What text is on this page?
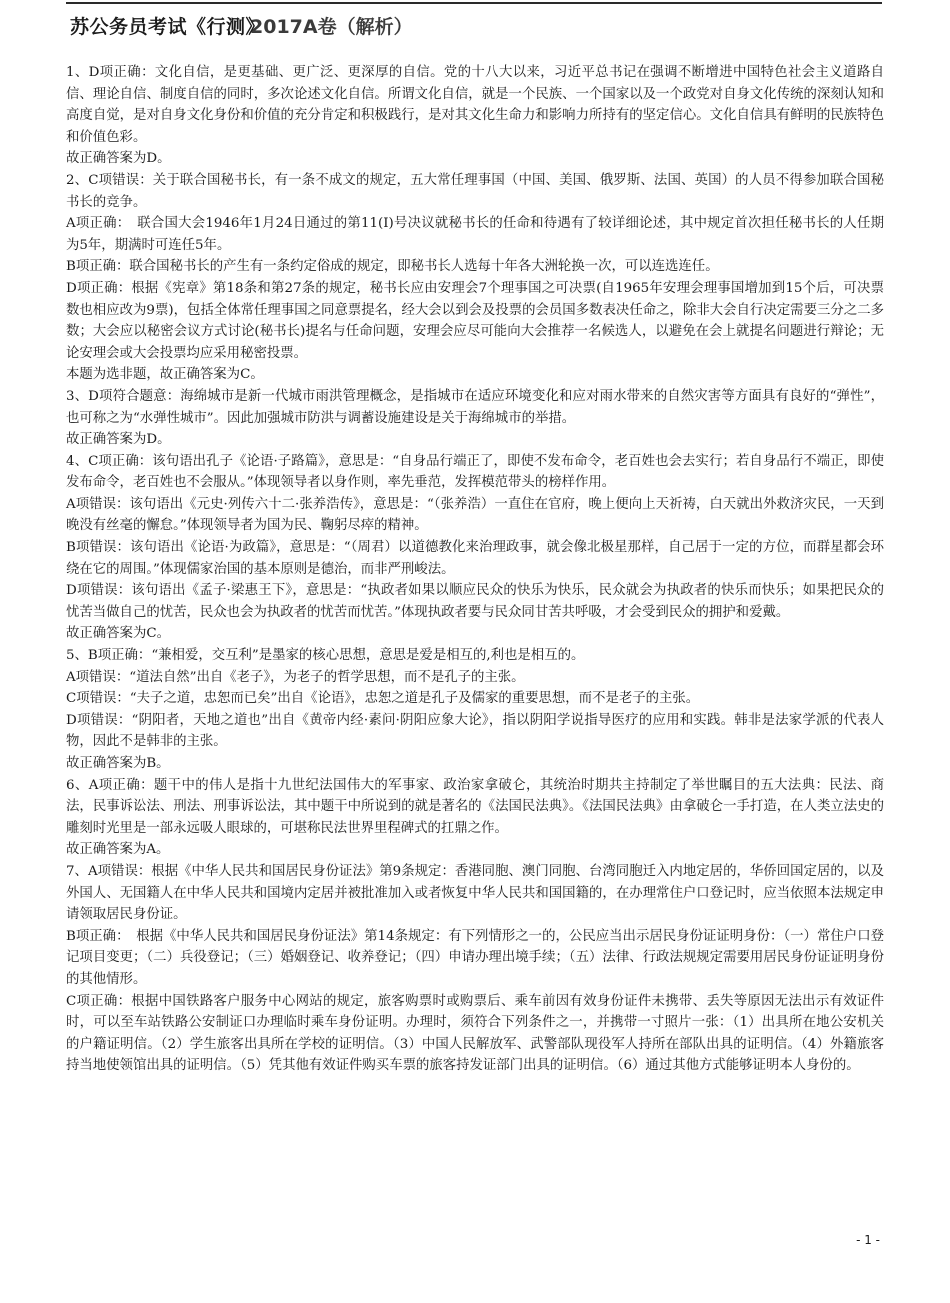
苏公务员考试《行测》
2017A卷（解析）

1、D项正确：文化自信，是更基础、更广泛、更深厚的自信。党的十八大以来，习近平总书记在强调不断增进中国特色社会主义道路自信、理论自信、制度自信的同时，多次论述文化自信。所谓文化自信，就是一个民族、一个国家以及一个政党对自身文化传统的深刻认知和高度自觉，是对自身文化身份和价值的充分肯定和积极践行，是对其文化生命力和影响力所持有的坚定信心。文化自信具有鲜明的民族特色和价值色彩。

故正确答案为D。

2、C项错误：关于联合国秘书长，有一条不成文的规定，五大常任理事国（中国、美国、俄罗斯、法国、英国）的人员不得参加联合国秘书长的竞争。

A项正确：　联合国大会1946年1月24日通过的第11(I)号决议就秘书长的任命和待遇有了较详细论述，其中规定首次担任秘书长的人任期为5年，期满时可连任5年。

B项正确：联合国秘书长的产生有一条约定俗成的规定，即秘书长人选每十年各大洲轮换一次，可以连选连任。

D项正确：根据《宪章》第18条和第27条的规定，秘书长应由安理会7个理事国之可决票(自1965年安理会理事国增加到15个后，可决票数也相应改为9票)，包括全体常任理事国之同意票提名，经大会以到会及投票的会员国多数表决任命之，除非大会自行决定需要三分之二多数；大会应以秘密会议方式讨论(秘书长)提名与任命问题，安理会应尽可能向大会推荐一名候选人，以避免在会上就提名问题进行辩论；无论安理会或大会投票均应采用秘密投票。

本题为选非题，故正确答案为C。

3、D项符合题意：海绵城市是新一代城市雨洪管理概念，是指城市在适应环境变化和应对雨水带来的自然灾害等方面具有良好的“弹性”，也可称之为“水弹性城市”。因此加强城市防洪与调蓄设施建设是关于海绵城市的举措。

故正确答案为D。

4、C项正确：该句语出孔子《论语·子路篇》，意思是：“自身品行端正了，即使不发布命令，老百姓也会去实行；若自身品行不端正，即使发布命令，老百姓也不会服从。”体现领导者以身作则，率先垂范，发挥模范带头的榜样作用。

A项错误：该句语出《元史·列传六十二·张养浩传》，意思是：“（张养浩）一直住在官府，晚上便向上天祈祷，白天就出外救济灾民，一天到晚没有丝毫的懈怠。”体现领导者为国为民、鞠躬尽瘁的精神。

B项错误：该句语出《论语·为政篇》，意思是：“（周君）以道德教化来治理政事，就会像北极星那样，自己居于一定的方位，而群星都会环绕在它的周围。”体现儒家治国的基本原则是德治，而非严刑峻法。

D项错误：该句语出《孟子·梁惠王下》，意思是：“执政者如果以顺应民众的快乐为快乐，民众就会为执政者的快乐而快乐；如果把民众的忧苦当做自己的忧苦，民众也会为执政者的忧苦而忧苦。”体现执政者要与民众同甘苦共呼吸，才会受到民众的拥护和爱戴。

故正确答案为C。

5、B项正确：“兼相爱，交互利”是墨家的核心思想，意思是爱是相互的,利也是相互的。

A项错误：“道法自然”出自《老子》，为老子的哲学思想，而不是孔子的主张。

C项错误：“夫子之道，忠恕而已矣”出自《论语》，忠恕之道是孔子及儒家的重要思想，而不是老子的主张。

D项错误：“阴阳者，天地之道也”出自《黄帝内经·素问·阴阳应象大论》，指以阴阳学说指导医疗的应用和实践。韩非是法家学派的代表人物，因此不是韩非的主张。

故正确答案为B。

6、A项正确：题干中的伟人是指十九世纪法国伟大的军事家、政治家拿破仑，其统治时期共主持制定了举世瞩目的五大法典：民法、商法，民事诉讼法、刑法、刑事诉讼法，其中题干中所说到的就是著名的《法国民法典》。《法国民法典》由拿破仑一手打造，在人类立法史的雕刻时光里是一部永远吸人眼球的，可堪称民法世界里程碑式的扛鼎之作。

故正确答案为A。

7、A项错误：根据《中华人民共和国居民身份证法》第9条规定：香港同胞、澳门同胞、台湾同胞迁入内地定居的，华侨回国定居的，以及外国人、无国籍人在中华人民共和国境内定居并被批准加入或者恢复中华人民共和国国籍的，在办理常住户口登记时，应当依照本法规定申请领取居民身份证。

B项正确：　根据《中华人民共和国居民身份证法》第14条规定：有下列情形之一的，公民应当出示居民身份证证明身份：（一）常住户口登记项目变更；（二）兵役登记；（三）婚姻登记、收养登记；（四）申请办理出境手续；（五）法律、行政法规规定需要用居民身份证证明身份的其他情形。

C项正确：根据中国铁路客户服务中心网站的规定，旅客购票时或购票后、乘车前因有效身份证件未携带、丢失等原因无法出示有效证件时，可以至车站铁路公安制证口办理临时乘车身份证明。办理时，须符合下列条件之一，并携带一寸照片一张：（1）出具所在地公安机关的户籍证明信。（2）学生旅客出具所在学校的证明信。（3）中国人民解放军、武警部队现役军人持所在部队出具的证明信。（4）外籍旅客持当地使领馆出具的证明信。（5）凭其他有效证件购买车票的旅客持发证部门出具的证明信。（6）通过其他方式能够证明本人身份的。

- 1 -
